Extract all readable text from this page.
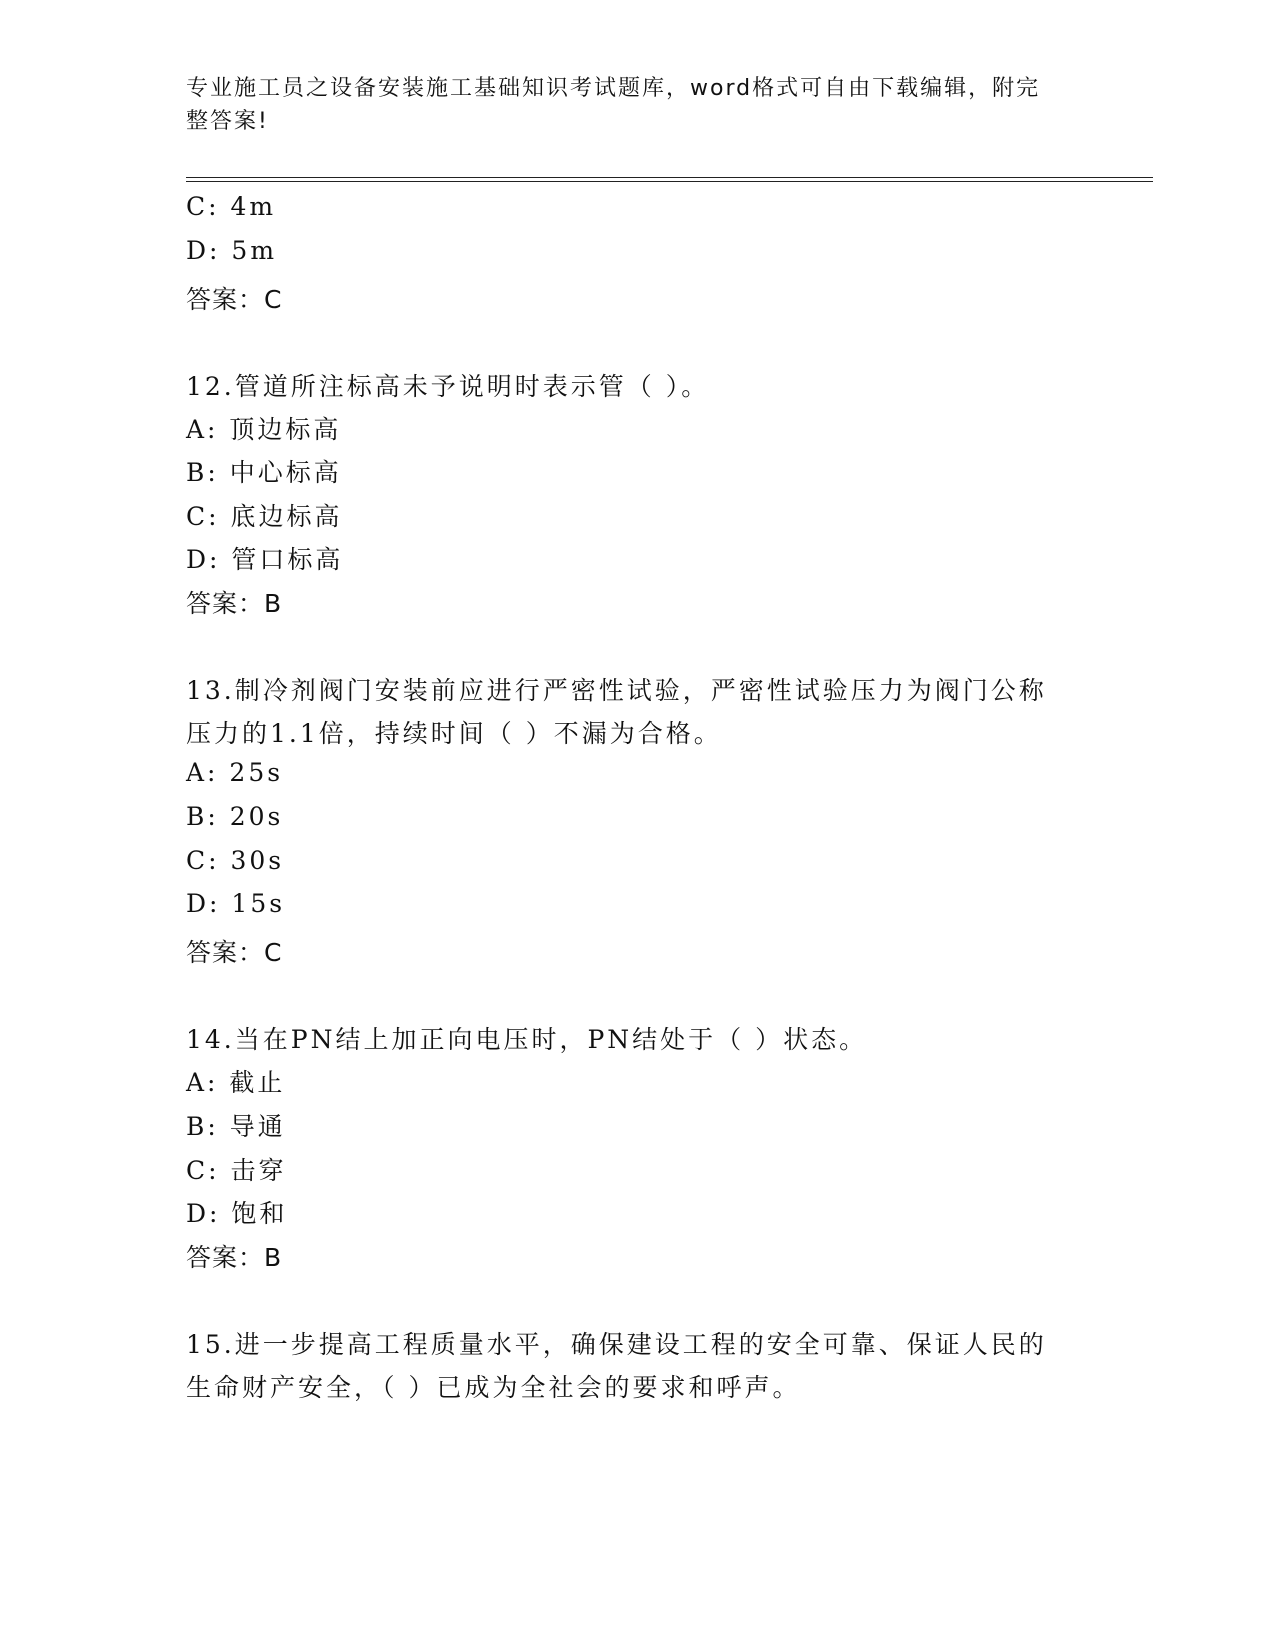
专业施工员之设备安装施工基础知识考试题库，word格式可自由下载编辑，附完
整答案!
C: 4m
D: 5m
答案：C
12.管道所注标高未予说明时表示管（ ）。
A: 顶边标高
B: 中心标高
C: 底边标高
D: 管口标高
答案：B
13.制冷剂阀门安装前应进行严密性试验，严密性试验压力为阀门公称
压力的1.1倍，持续时间（ ）不漏为合格。
A: 25s
B: 20s
C: 30s
D: 15s
答案：C
14.当在PN结上加正向电压时，PN结处于（ ）状态。
A: 截止
B: 导通
C: 击穿
D: 饱和
答案：B
15.进一步提高工程质量水平，确保建设工程的安全可靠、保证人民的
生命财产安全，（ ）已成为全社会的要求和呼声。
